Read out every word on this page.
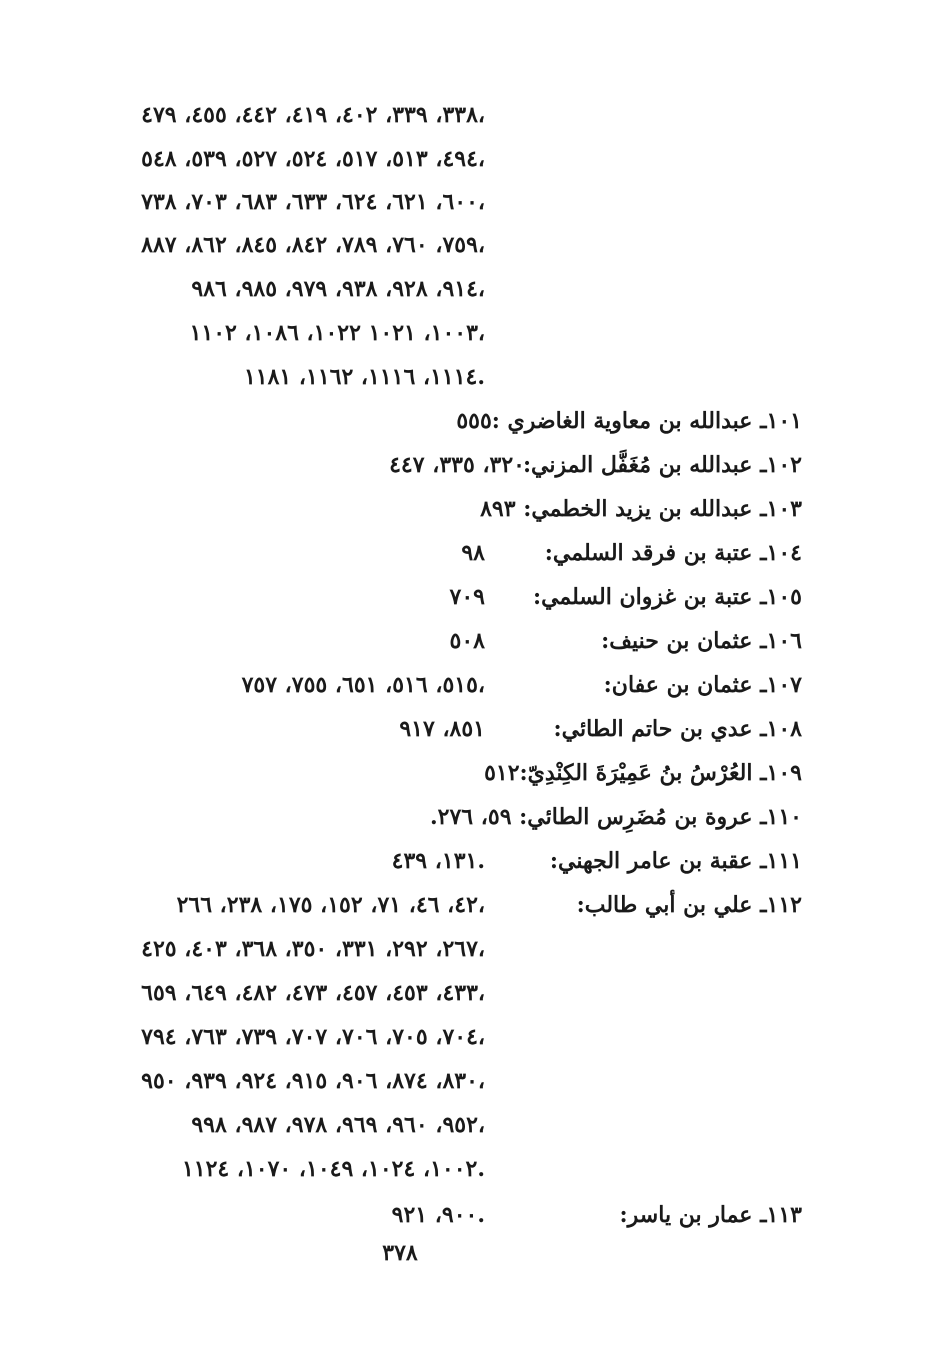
٣٣٨، ٣٣٩، ٤٠٢، ٤١٩، ٤٤٢، ٤٥٥، ٤٧٩،
٤٩٤، ٥١٣، ٥١٧، ٥٢٤، ٥٢٧، ٥٣٩، ٥٤٨،
٦٠٠، ٦٢١، ٦٢٤، ٦٣٣، ٦٨٣، ٧٠٣، ٧٣٨،
٧٥٩، ٧٦٠، ٧٨٩، ٨٤٢، ٨٤٥، ٨٦٢، ٨٨٧،
٩١٤، ٩٢٨، ٩٣٨، ٩٧٩، ٩٨٥، ٩٨٦،
١٠٠٣، ١٠٢١ ١٠٢٢، ١٠٨٦، ١١٠٢،
١١١٤، ١١١٦، ١١٦٢، ١١٨١.
١٠١ـ عبدالله بن معاوية الغاضري :٥٥٥
١٠٢ـ عبدالله بن مُغَفَّل المزني:
٣٢٠، ٣٣٥، ٤٤٧
١٠٣ـ عبدالله بن يزيد الخطمي: ٨٩٣
١٠٤ـ عتبة بن فرقد السلمي:
٩٨
١٠٥ـ عتبة بن غزوان السلمي:
٧٠٩
١٠٦ـ عثمان بن حنيف:
٥٠٨
١٠٧ـ عثمان بن عفان:
٥١٥، ٥١٦، ٦٥١، ٧٥٥، ٧٥٧،
١٠٨ـ عدي بن حاتم الطائي:
٨٥١، ٩١٧
١٠٩ـ العُرْسُ بنُ عَمِيْرَةَ الكِنْدِيّ:٥١٢
١١٠ـ عروة بن مُضَرِس الطائي: ٥٩، ٢٧٦.
١١١ـ عقبة بن عامر الجهني:
١٣١، ٤٣٩.
١١٢ـ علي بن أبي طالب:
٤٢، ٤٦، ٧١، ١٥٢، ١٧٥، ٢٣٨، ٢٦٦،
٢٦٧، ٢٩٢، ٣٣١، ٣٥٠، ٣٦٨، ٤٠٣، ٤٢٥،
٤٣٣، ٤٥٣، ٤٥٧، ٤٧٣، ٤٨٢، ٦٤٩، ٦٥٩،
٧٠٤، ٧٠٥، ٧٠٦، ٧٠٧، ٧٣٩، ٧٦٣، ٧٩٤،
٨٣٠، ٨٧٤، ٩٠٦، ٩١٥، ٩٢٤، ٩٣٩، ٩٥٠،
٩٥٢، ٩٦٠، ٩٦٩، ٩٧٨، ٩٨٧، ٩٩٨،
١٠٠٢، ١٠٢٤، ١٠٤٩، ١٠٧٠، ١١٢٤.
١١٣ـ عمار بن ياسر:
٩٠٠، ٩٢١.
٣٧٨
